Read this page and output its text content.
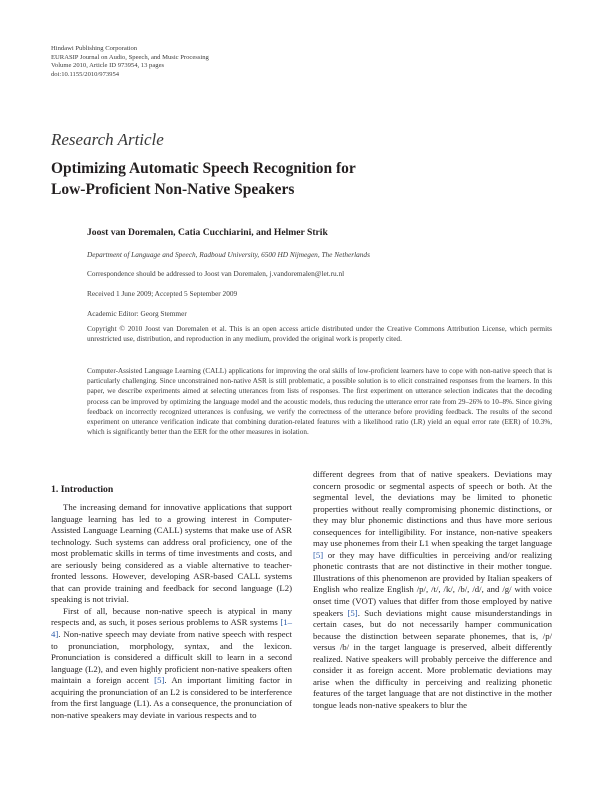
Hindawi Publishing Corporation
EURASIP Journal on Audio, Speech, and Music Processing
Volume 2010, Article ID 973954, 13 pages
doi:10.1155/2010/973954
Research Article
Optimizing Automatic Speech Recognition for
Low-Proficient Non-Native Speakers
Joost van Doremalen, Catia Cucchiarini, and Helmer Strik
Department of Language and Speech, Radboud University, 6500 HD Nijmegen, The Netherlands
Correspondence should be addressed to Joost van Doremalen, j.vandoremalen@let.ru.nl
Received 1 June 2009; Accepted 5 September 2009
Academic Editor: Georg Stemmer
Copyright © 2010 Joost van Doremalen et al. This is an open access article distributed under the Creative Commons Attribution License, which permits unrestricted use, distribution, and reproduction in any medium, provided the original work is properly cited.
Computer-Assisted Language Learning (CALL) applications for improving the oral skills of low-proficient learners have to cope with non-native speech that is particularly challenging. Since unconstrained non-native ASR is still problematic, a possible solution is to elicit constrained responses from the learners. In this paper, we describe experiments aimed at selecting utterances from lists of responses. The first experiment on utterance selection indicates that the decoding process can be improved by optimizing the language model and the acoustic models, thus reducing the utterance error rate from 29–26% to 10–8%. Since giving feedback on incorrectly recognized utterances is confusing, we verify the correctness of the utterance before providing feedback. The results of the second experiment on utterance verification indicate that combining duration-related features with a likelihood ratio (LR) yield an equal error rate (EER) of 10.3%, which is significantly better than the EER for the other measures in isolation.
1. Introduction

The increasing demand for innovative applications that support language learning has led to a growing interest in Computer-Assisted Language Learning (CALL) systems that make use of ASR technology. Such systems can address oral proficiency, one of the most problematic skills in terms of time investments and costs, and are seriously being considered as a viable alternative to teacher-fronted lessons. However, developing ASR-based CALL systems that can provide training and feedback for second language (L2) speaking is not trivial.

First of all, because non-native speech is atypical in many respects and, as such, it poses serious problems to ASR systems [1–4]. Non-native speech may deviate from native speech with respect to pronunciation, morphology, syntax, and the lexicon. Pronunciation is considered a difficult skill to learn in a second language (L2), and even highly proficient non-native speakers often maintain a foreign accent [5]. An important limiting factor in acquiring the pronunciation of an L2 is considered to be interference from the first language (L1). As a consequence, the pronunciation of non-native speakers may deviate in various respects and to

different degrees from that of native speakers. Deviations may concern prosodic or segmental aspects of speech or both. At the segmental level, the deviations may be limited to phonetic properties without really compromising phonemic distinctions, or they may blur phonemic distinctions and thus have more serious consequences for intelligibility. For instance, non-native speakers may use phonemes from their L1 when speaking the target language [5] or they may have difficulties in perceiving and/or realizing phonetic contrasts that are not distinctive in their mother tongue. Illustrations of this phenomenon are provided by Italian speakers of English who realize English /p/, /t/, /k/, /b/, /d/, and /g/ with voice onset time (VOT) values that differ from those employed by native speakers [5]. Such deviations might cause misunderstandings in certain cases, but do not necessarily hamper communication because the distinction between separate phonemes, that is, /p/ versus /b/ in the target language is preserved, albeit differently realized. Native speakers will probably perceive the difference and consider it as foreign accent. More problematic deviations may arise when the difficulty in perceiving and realizing phonetic features of the target language that are not distinctive in the mother tongue leads non-native speakers to blur the
